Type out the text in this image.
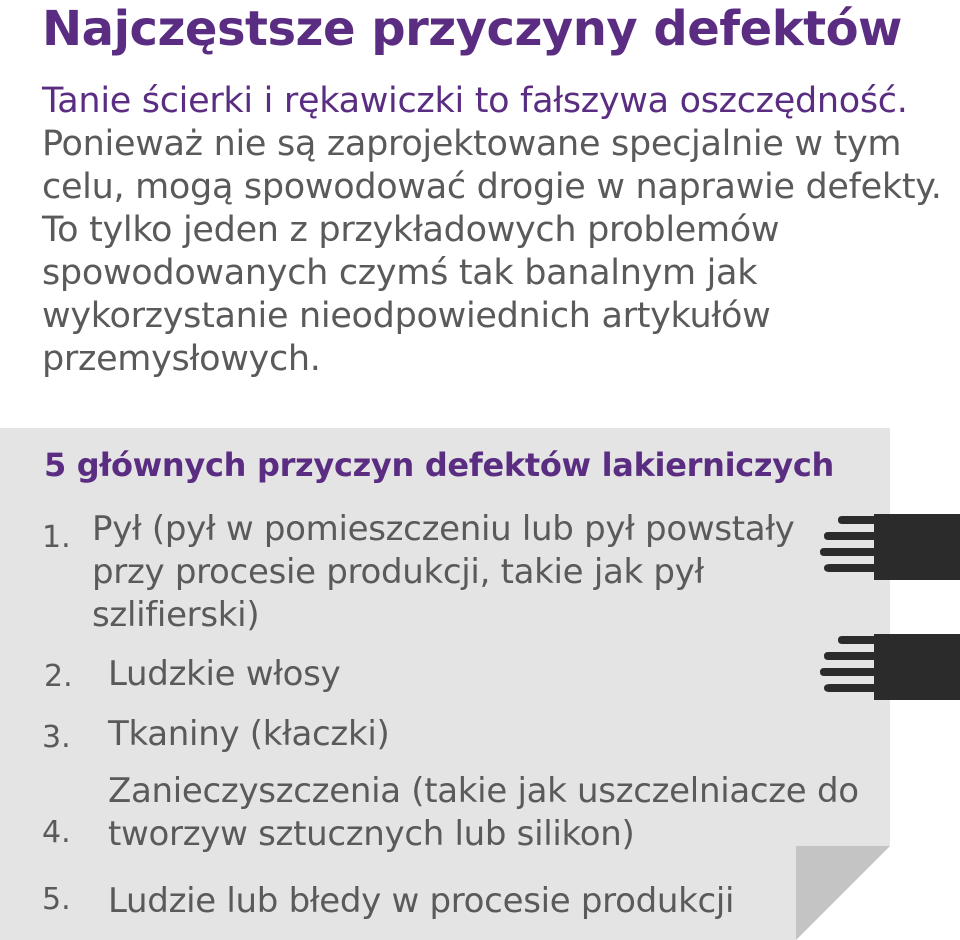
Najczęstsze przyczyny defektów

Tanie ścierki i rękawiczki to fałszywa oszczędność.

Ponieważ nie są zaprojektowane specjalnie w tym celu, mogą spowodować drogie w naprawie defekty.

To tylko jeden z przykładowych problemów spowodowanych czymś tak banalnym jak wykorzystanie nieodpowiednich artykułów przemysłowych.

5 głównych przyczyn defektów lakierniczych
1. Pył (pył w pomieszczeniu lub pył powstały przy procesie produkcji, takie jak pył szlifierski)
2. Ludzkie włosy
3. Tkaniny (kłaczki)
4.
Zanieczyszczenia (takie jak uszczelniacze do tworzyw sztucznych lub silikon)
5. Ludzie lub błedy w procesie produkcji
